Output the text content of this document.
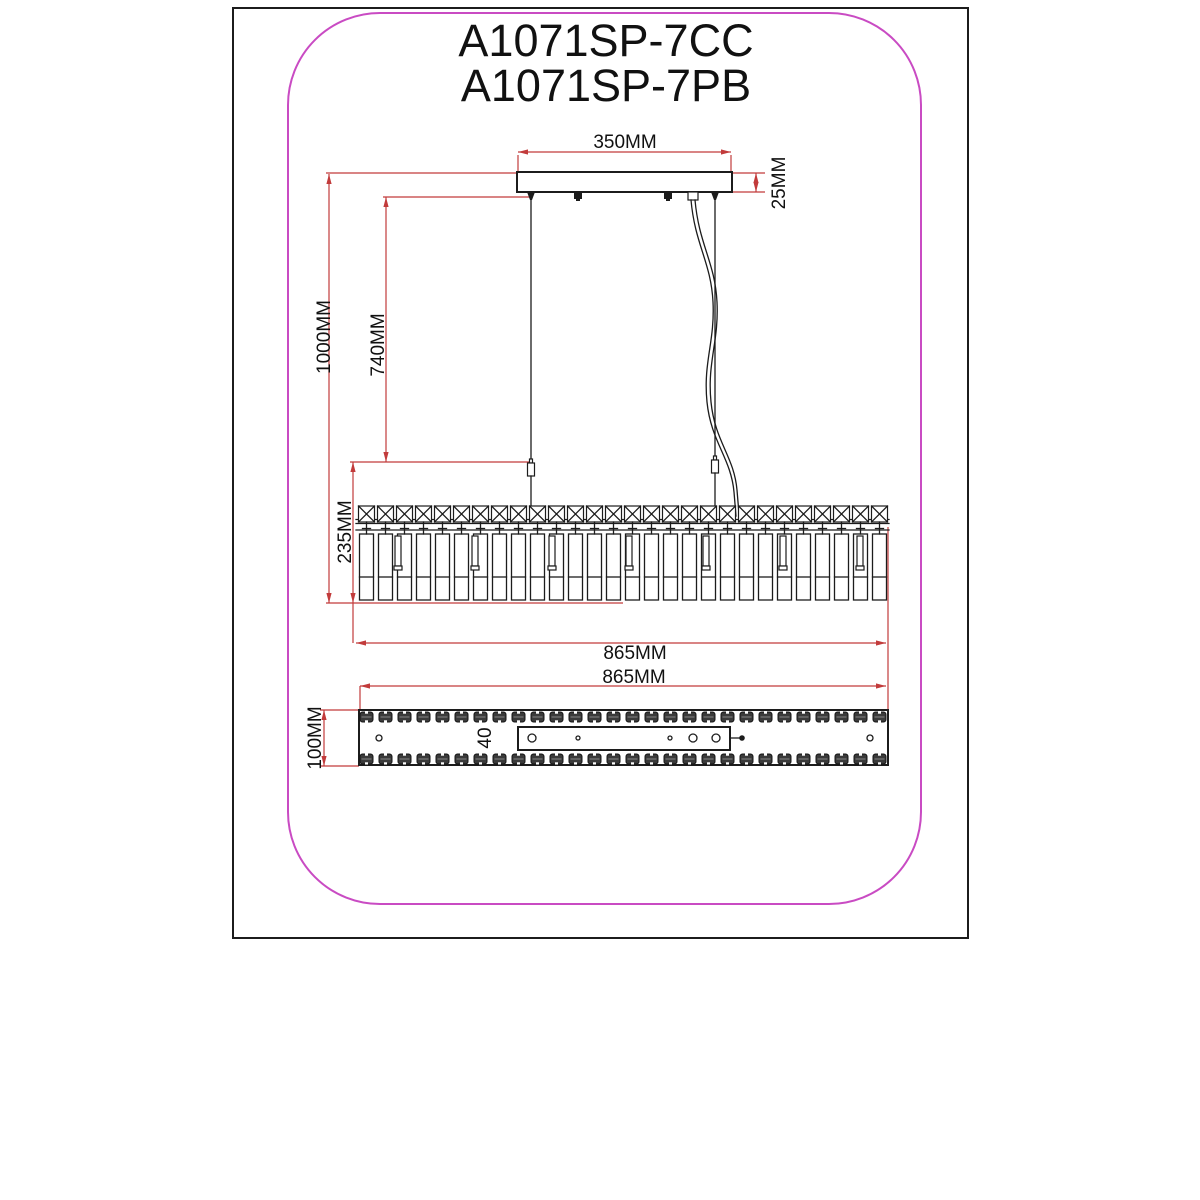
A1071SP-7CC
A1071SP-7PB
350MM
25MM
1000MM 740MM
235MM
865MM
865MM
100MM	40
